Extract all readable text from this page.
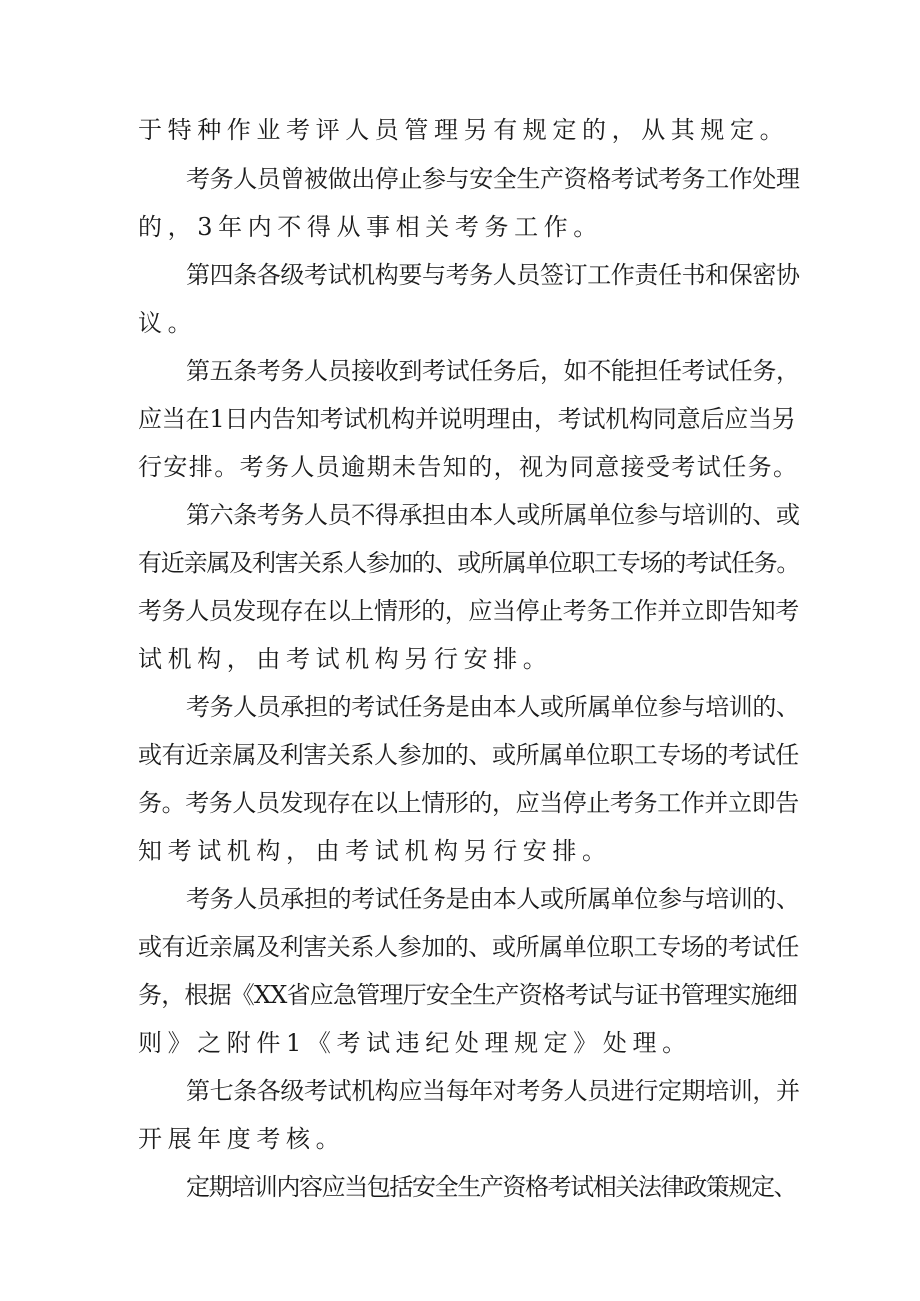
于特种作业考评人员管理另有规定的，从其规定。
考务人员曾被做出停止参与安全生产资格考试考务工作处理
的，3年内不得从事相关考务工作。
第四条各级考试机构要与考务人员签订工作责任书和保密协
议。
第五条考务人员接收到考试任务后，如不能担任考试任务，
应当在1日内告知考试机构并说明理由，考试机构同意后应当另
行安排。考务人员逾期未告知的，视为同意接受考试任务。
第六条考务人员不得承担由本人或所属单位参与培训的、或
有近亲属及利害关系人参加的、或所属单位职工专场的考试任务。
考务人员发现存在以上情形的，应当停止考务工作并立即告知考
试机构，由考试机构另行安排。
考务人员承担的考试任务是由本人或所属单位参与培训的、
或有近亲属及利害关系人参加的、或所属单位职工专场的考试任
务。考务人员发现存在以上情形的，应当停止考务工作并立即告
知考试机构，由考试机构另行安排。
考务人员承担的考试任务是由本人或所属单位参与培训的、
或有近亲属及利害关系人参加的、或所属单位职工专场的考试任
务，根据《XX省应急管理厅安全生产资格考试与证书管理实施细
则》之附件1《考试违纪处理规定》处理。
第七条各级考试机构应当每年对考务人员进行定期培训，并
开展年度考核。
定期培训内容应当包括安全生产资格考试相关法律政策规定、
